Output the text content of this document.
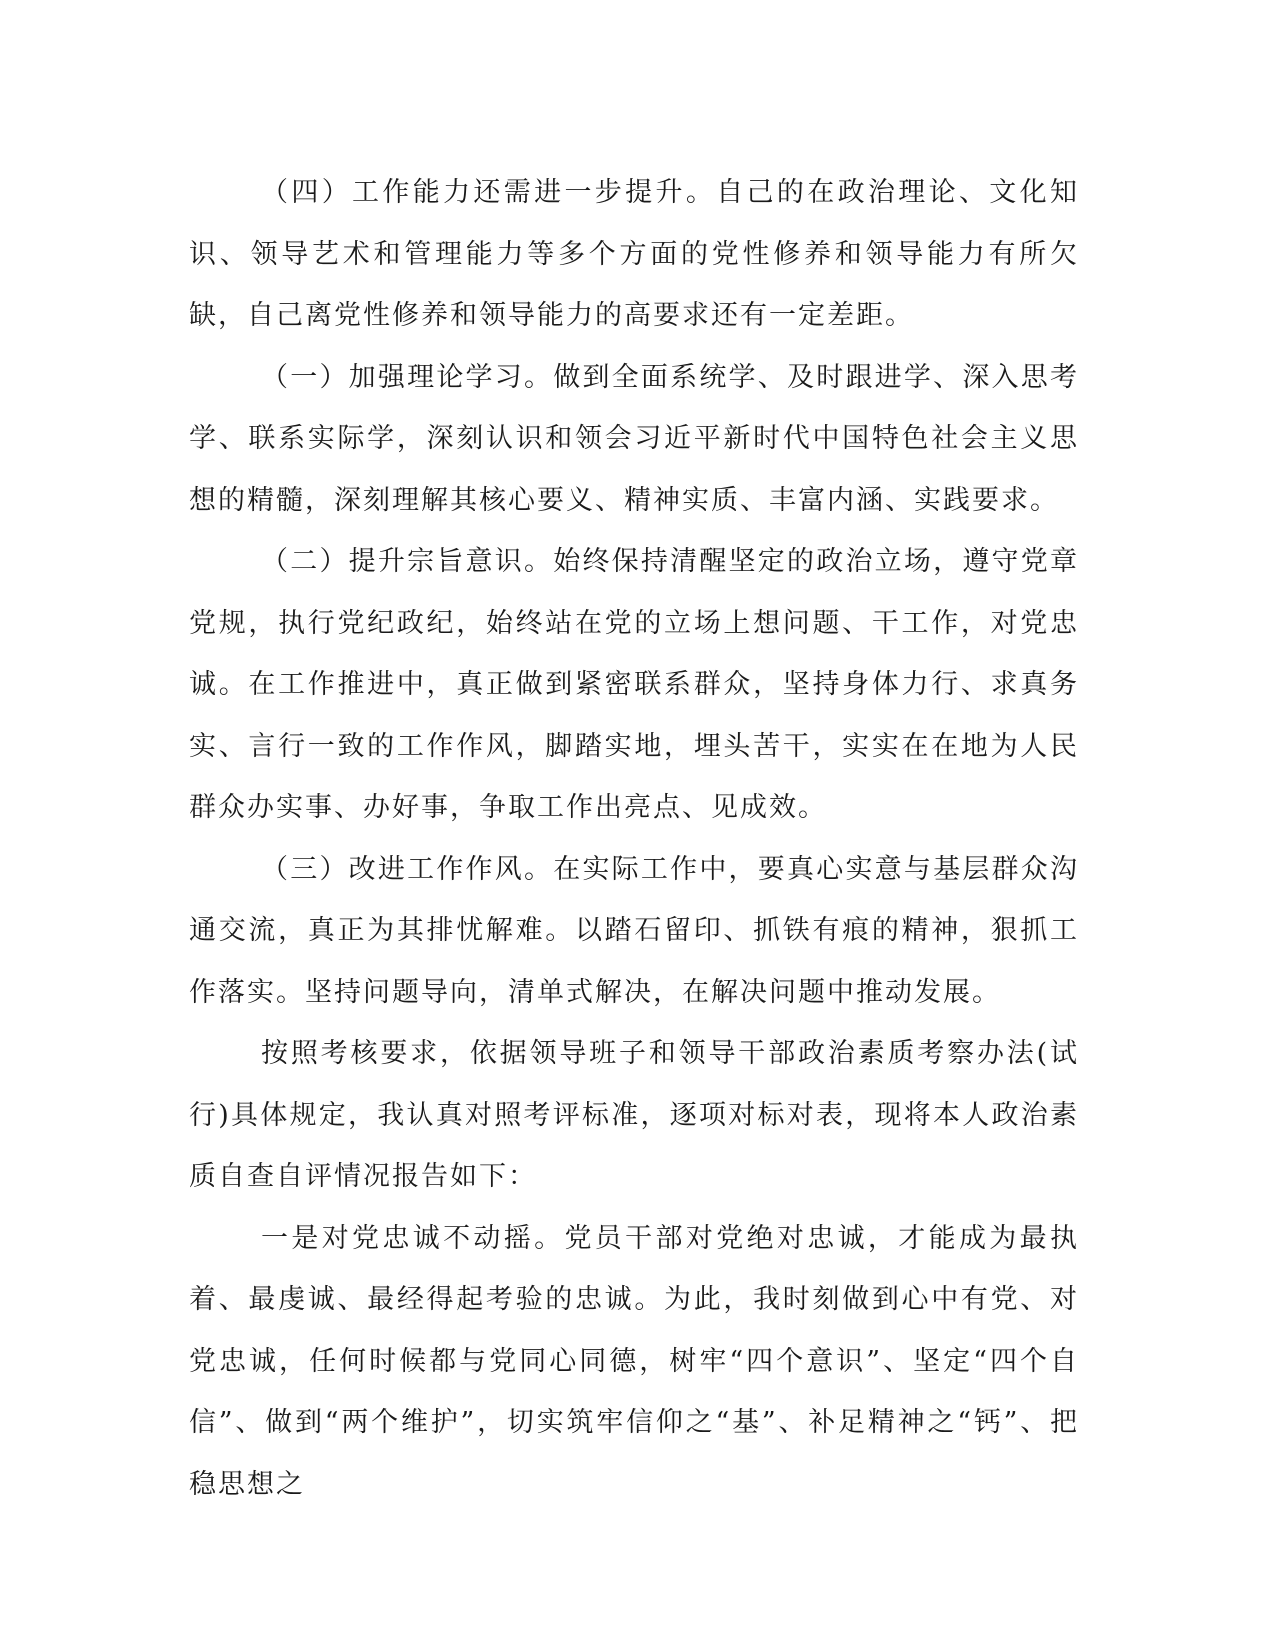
（四）工作能力还需进一步提升。自己的在政治理论、文化知识、领导艺术和管理能力等多个方面的党性修养和领导能力有所欠缺，自己离党性修养和领导能力的高要求还有一定差距。

（一）加强理论学习。做到全面系统学、及时跟进学、深入思考学、联系实际学，深刻认识和领会习近平新时代中国特色社会主义思想的精髓，深刻理解其核心要义、精神实质、丰富内涵、实践要求。

（二）提升宗旨意识。始终保持清醒坚定的政治立场，遵守党章党规，执行党纪政纪，始终站在党的立场上想问题、干工作，对党忠诚。在工作推进中，真正做到紧密联系群众，坚持身体力行、求真务实、言行一致的工作作风，脚踏实地，埋头苦干，实实在在地为人民群众办实事、办好事，争取工作出亮点、见成效。

（三）改进工作作风。在实际工作中，要真心实意与基层群众沟通交流，真正为其排忧解难。以踏石留印、抓铁有痕的精神，狠抓工作落实。坚持问题导向，清单式解决，在解决问题中推动发展。

按照考核要求，依据领导班子和领导干部政治素质考察办法(试行)具体规定，我认真对照考评标准，逐项对标对表，现将本人政治素质自查自评情况报告如下：

一是对党忠诚不动摇。党员干部对党绝对忠诚，才能成为最执着、最虔诚、最经得起考验的忠诚。为此，我时刻做到心中有党、对党忠诚，任何时候都与党同心同德，树牢“四个意识”、坚定“四个自信”、做到“两个维护”，切实筑牢信仰之“基”、补足精神之“钙”、把稳思想之
